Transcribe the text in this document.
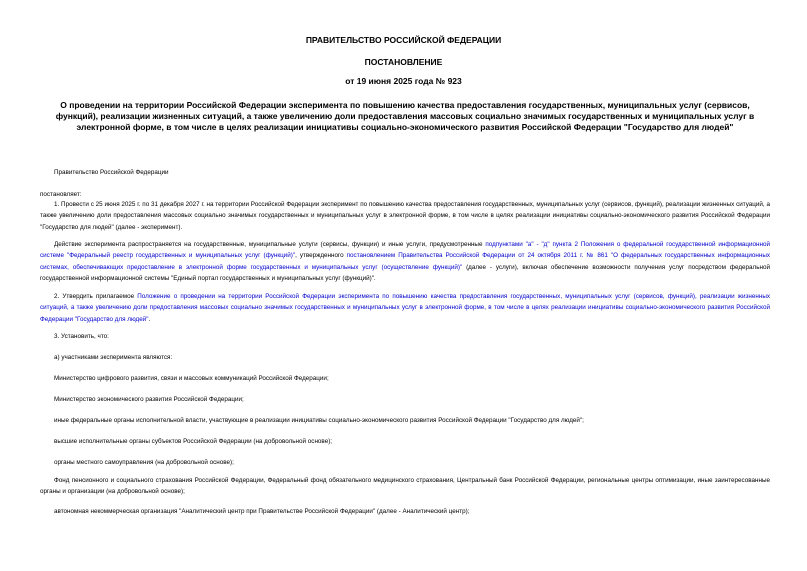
ПРАВИТЕЛЬСТВО РОССИЙСКОЙ ФЕДЕРАЦИИ
ПОСТАНОВЛЕНИЕ
от 19 июня 2025 года № 923
О проведении на территории Российской Федерации эксперимента по повышению качества предоставления государственных, муниципальных услуг (сервисов, функций), реализации жизненных ситуаций, а также увеличению доли предоставления массовых социально значимых государственных и муниципальных услуг в электронной форме, в том числе в целях реализации инициативы социально-экономического развития Российской Федерации "Государство для людей"
Правительство Российской Федерации
постановляет:
1. Провести с 25 июня 2025 г. по 31 декабря 2027 г. на территории Российской Федерации эксперимент по повышению качества предоставления государственных, муниципальных услуг (сервисов, функций), реализации жизненных ситуаций, а также увеличению доли предоставления массовых социально значимых государственных и муниципальных услуг в электронной форме, в том числе в целях реализации инициативы социально-экономического развития Российской Федерации "Государство для людей" (далее - эксперимент).
Действие эксперимента распространяется на государственные, муниципальные услуги (сервисы, функции) и иные услуги, предусмотренные подпунктами "а" - "д" пункта 2 Положения о федеральной государственной информационной системе "Федеральный реестр государственных и муниципальных услуг (функций)", утвержденного постановлением Правительства Российской Федерации от 24 октября 2011 г. № 861 "О федеральных государственных информационных системах, обеспечивающих предоставление в электронной форме государственных и муниципальных услуг (осуществление функций)" (далее - услуги), включая обеспечение возможности получения услуг посредством федеральной государственной информационной системы "Единый портал государственных и муниципальных услуг (функций)".
2. Утвердить прилагаемое Положение о проведении на территории Российской Федерации эксперимента по повышению качества предоставления государственных, муниципальных услуг (сервисов, функций), реализации жизненных ситуаций, а также увеличению доли предоставления массовых социально значимых государственных и муниципальных услуг в электронной форме, в том числе в целях реализации инициативы социально-экономического развития Российской Федерации "Государство для людей".
3. Установить, что:
а) участниками эксперимента являются:
Министерство цифрового развития, связи и массовых коммуникаций Российской Федерации;
Министерство экономического развития Российской Федерации;
иные федеральные органы исполнительной власти, участвующие в реализации инициативы социально-экономического развития Российской Федерации "Государство для людей";
высшие исполнительные органы субъектов Российской Федерации (на добровольной основе);
органы местного самоуправления (на добровольной основе);
Фонд пенсионного и социального страхования Российской Федерации, Федеральный фонд обязательного медицинского страхования, Центральный банк Российской Федерации, региональные центры оптимизации, иные заинтересованные органы и организации (на добровольной основе);
автономная некоммерческая организация "Аналитический центр при Правительстве Российской Федерации" (далее - Аналитический центр);
